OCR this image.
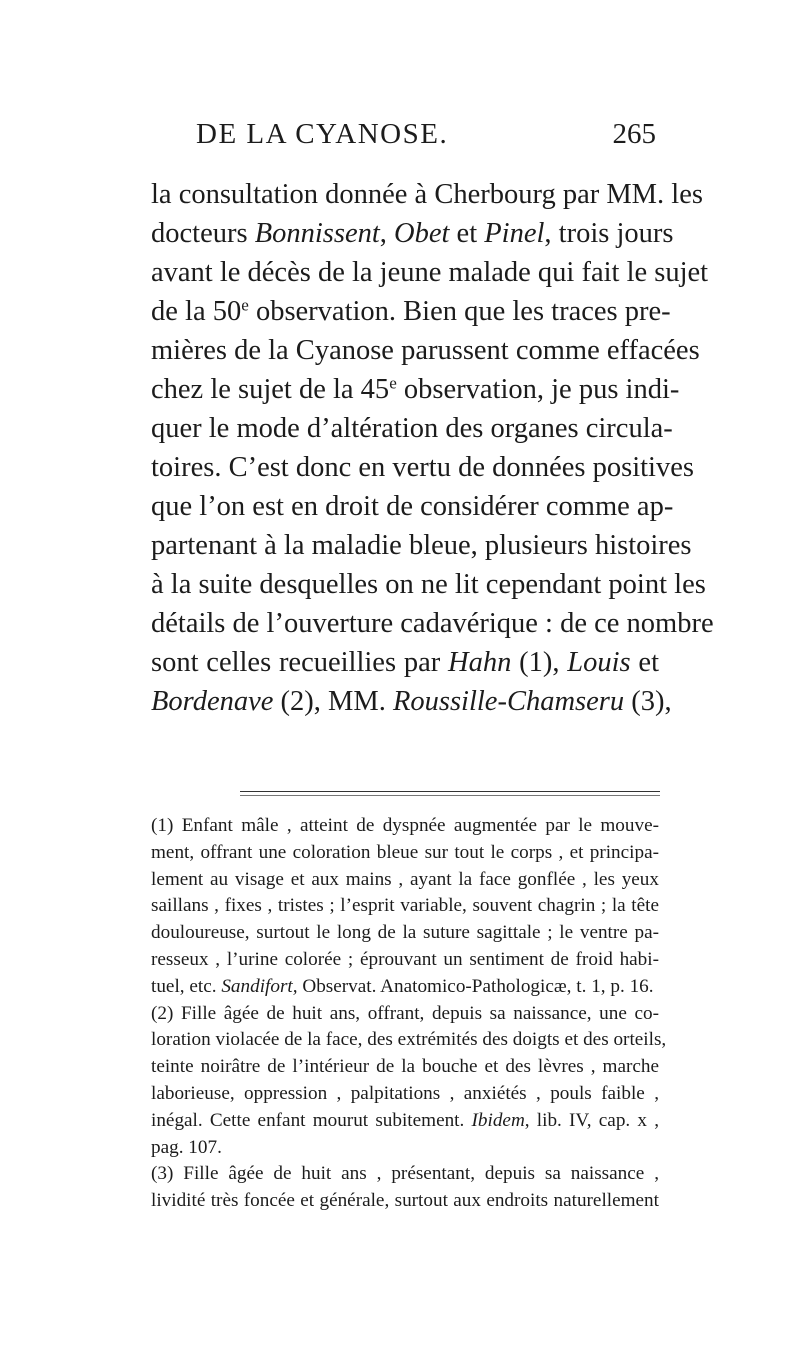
DE LA CYANOSE.	265
la consultation donnée à Cherbourg par MM. les
docteurs Bonnissent, Obet et Pinel, trois jours
avant le décès de la jeune malade qui fait le sujet
de la 50e observation. Bien que les traces pre-
mières de la Cyanose parussent comme effacées
chez le sujet de la 45e observation, je pus indi-
quer le mode d’altération des organes circula-
toires. C’est donc en vertu de données positives
que l’on est en droit de considérer comme ap-
partenant à la maladie bleue, plusieurs histoires
à la suite desquelles on ne lit cependant point les
détails de l’ouverture cadavérique : de ce nombre
sont celles recueillies par Hahn (1), Louis et
Bordenave (2), MM. Roussille-Chamseru (3),
(1) Enfant mâle , atteint de dyspnée augmentée par le mouve-
ment, offrant une coloration bleue sur tout le corps , et principa-
lement au visage et aux mains , ayant la face gonflée , les yeux
saillans , fixes , tristes ; l’esprit variable, souvent chagrin ; la tête
douloureuse, surtout le long de la suture sagittale ; le ventre pa-
resseux , l’urine colorée ; éprouvant un sentiment de froid habi-
tuel, etc. Sandifort, Observat. Anatomico-Pathologicæ, t. 1, p. 16.
(2) Fille âgée de huit ans, offrant, depuis sa naissance, une co-
loration violacée de la face, des extrémités des doigts et des orteils,
teinte noirâtre de l’intérieur de la bouche et des lèvres , marche
laborieuse, oppression , palpitations , anxiétés , pouls faible ,
inégal. Cette enfant mourut subitement. Ibidem, lib. IV, cap. x ,
pag. 107.
(3) Fille âgée de huit ans , présentant, depuis sa naissance ,
lividité très foncée et générale, surtout aux endroits naturellement
